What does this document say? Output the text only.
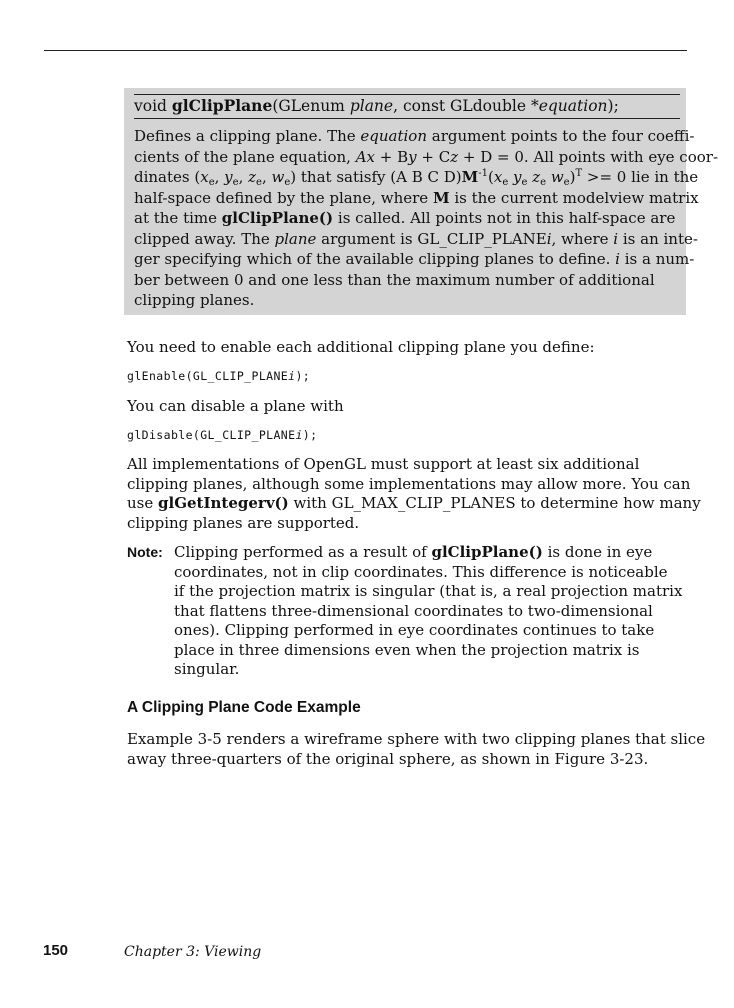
void glClipPlane(GLenum plane, const GLdouble *equation);
Defines a clipping plane. The equation argument points to the four coeffi-
cients of the plane equation, Ax + By + Cz + D = 0. All points with eye coor-
dinates ($x_e$, $y_e$, $z_e$, $w_e$) that satisfy (A B C $D)M^{-1}(x_e$ $y_e$ $z_e$ $w_e)^T >= 0$ lie in the
half-space defined by the plane, where M is the current modelview matrix
at the time glClipPlane() is called. All points not in this half-space are
clipped away. The plane argument is GL_CLIP_PLANEi, where i is an inte-
ger specifying which of the available clipping planes to define. i is a num-
ber between 0 and one less than the maximum number of additional
clipping planes.
You need to enable each additional clipping plane you define:
glEnable(GL_CLIP_PLANEi);
You can disable a plane with
glDisable(GL_CLIP_PLANEi);
All implementations of OpenGL must support at least six additional
clipping planes, although some implementations may allow more. You can
use glGetIntegerv() with GL_MAX_CLIP_PLANES to determine how many
clipping planes are supported.
Note: Clipping performed as a result of glClipPlane() is done in eye
coordinates, not in clip coordinates. This difference is noticeable
if the projection matrix is singular (that is, a real projection matrix
that flattens three-dimensional coordinates to two-dimensional
ones). Clipping performed in eye coordinates continues to take
place in three dimensions even when the projection matrix is
singular.
A Clipping Plane Code Example
Example 3-5 renders a wireframe sphere with two clipping planes that slice
away three-quarters of the original sphere, as shown in Figure 3-23.
150	Chapter 3: Viewing
